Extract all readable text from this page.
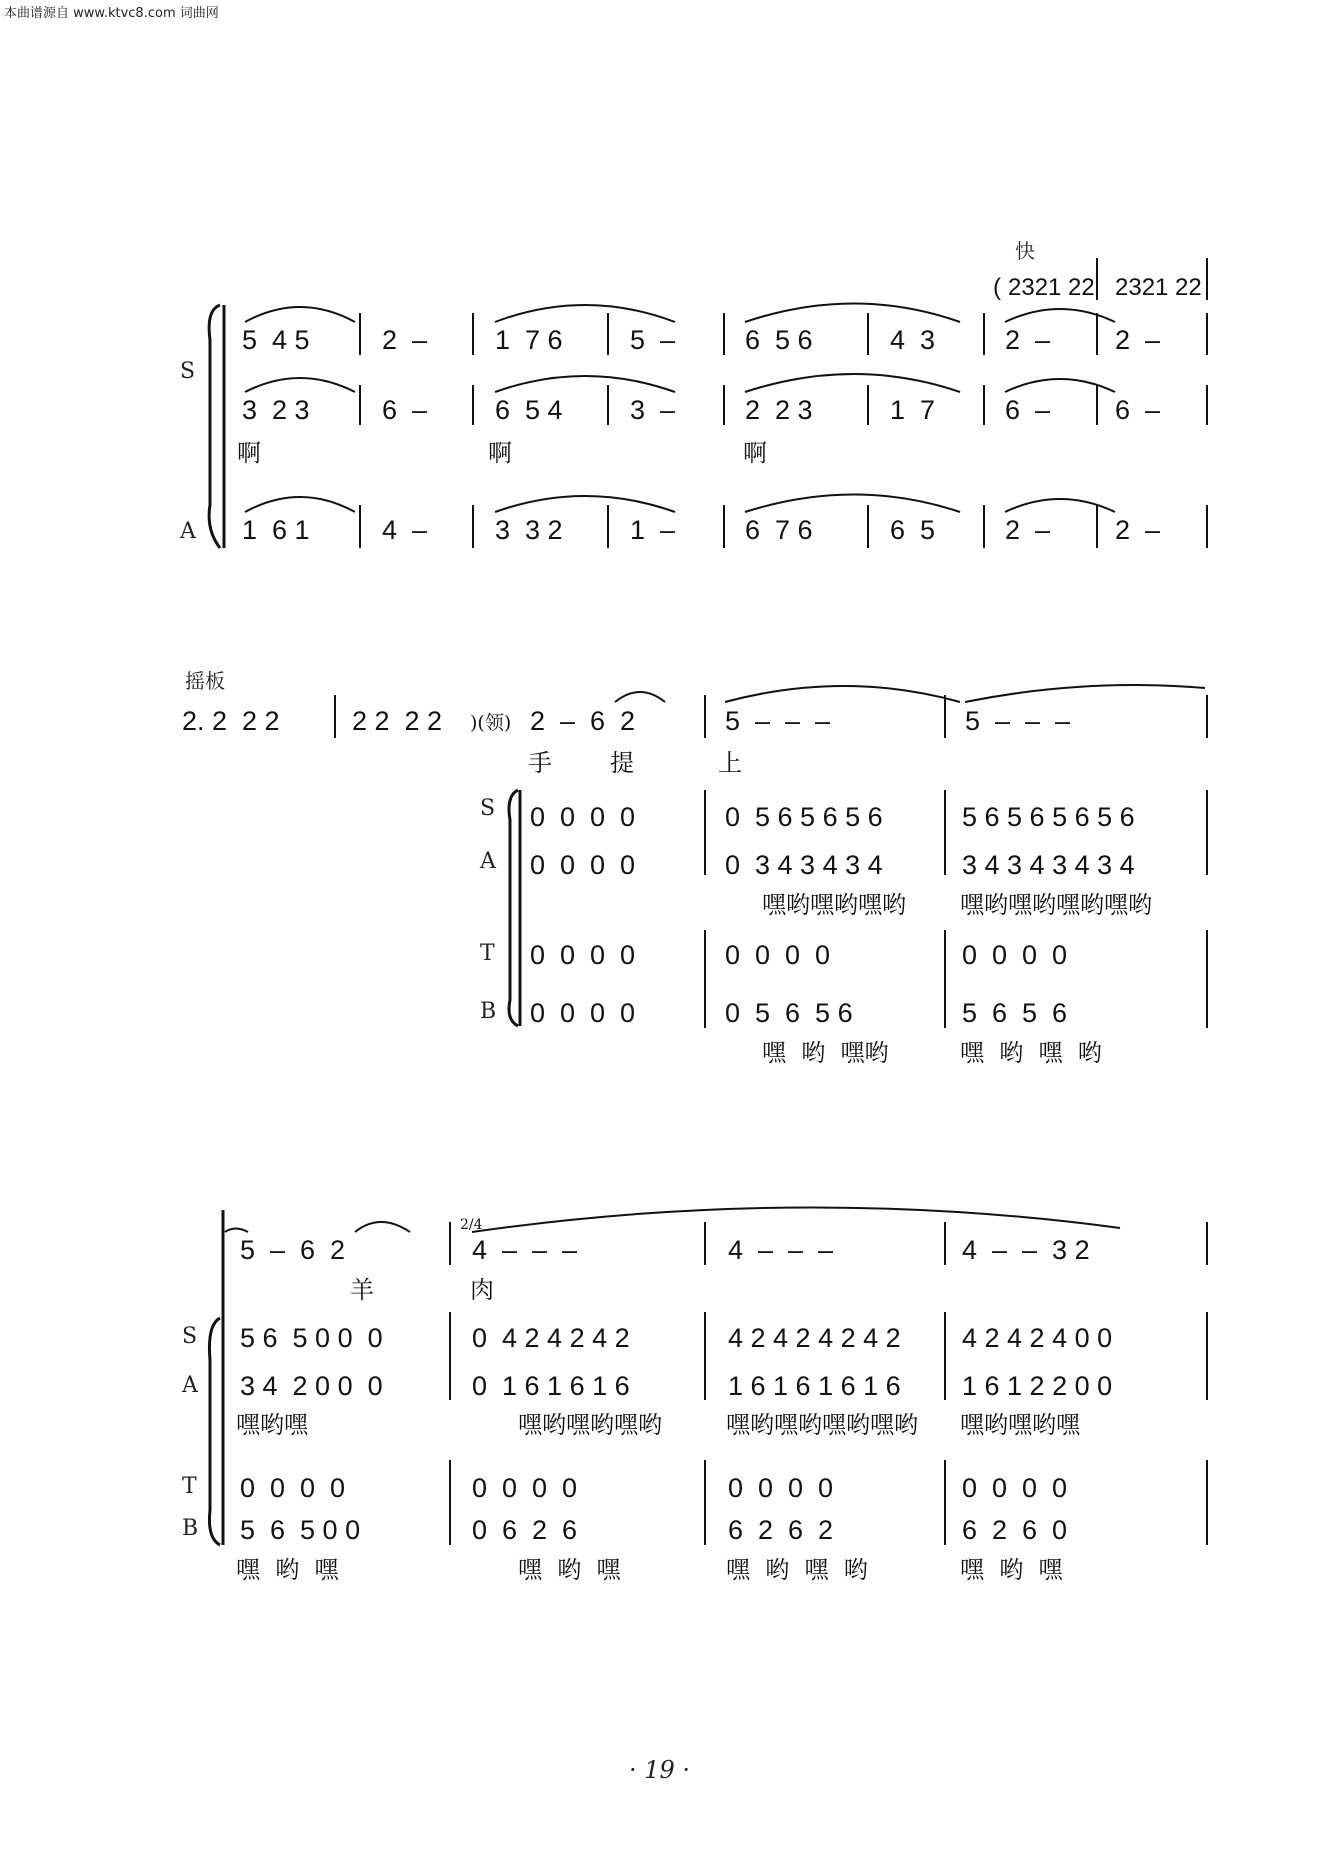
本曲谱源自 www.ktvc8.com 词曲网
快
( 2321 22 2321 22
S
A
5  4 5	2  –	1  7 6 5  –	6  5 6	4  3	2  – 2  –
3  2 3	6  –	6  5 4 3  –	2  2 3	1  7	6  – 6  –
啊	啊	啊
1  6 1	4  –	3  3 2 1  –	6  7 6	6  5	2  – 2  –
摇板
2. 2  2 2	2 2  2 2 )(领) 2  –  6  2	5  –  –  –	5  –  –  –
手 提	上
S
A
T
B
0  0  0  0	0  5 6 5 6 5 6	5 6 5 6 5 6 5 6
0  0  0  0	0  3 4 3 4 3 4	3 4 3 4 3 4 3 4
嘿哟嘿哟嘿哟 嘿哟嘿哟嘿哟嘿哟
0  0  0  0	0  0  0  0	0  0  0  0
0  0  0  0	0  5  6  5 6	5  6  5  6
嘿  哟  嘿哟	嘿  哟  嘿  哟
2/4
5  –  6  2	4  –  –  –	4  –  –  –	4  –  –  3 2
羊	肉
S
A
T
B
5 6  5 0 0  0	0  4 2 4 2 4 2	4 2 4 2 4 2 4 2 4 2 4 2 4 0 0
3 4  2 0 0  0	0  1 6 1 6 1 6	1 6 1 6 1 6 1 6 1 6 1 2 2 0 0
嘿哟嘿	嘿哟嘿哟嘿哟	嘿哟嘿哟嘿哟嘿哟 嘿哟嘿哟嘿
0  0  0  0	0  0  0  0	0  0  0  0	0  0  0  0
5  6  5 0 0	0  6  2  6	6  2  6  2	6  2  6  0
嘿  哟  嘿	嘿  哟  嘿	嘿  哟  嘿  哟	嘿  哟  嘿
· 19 ·
